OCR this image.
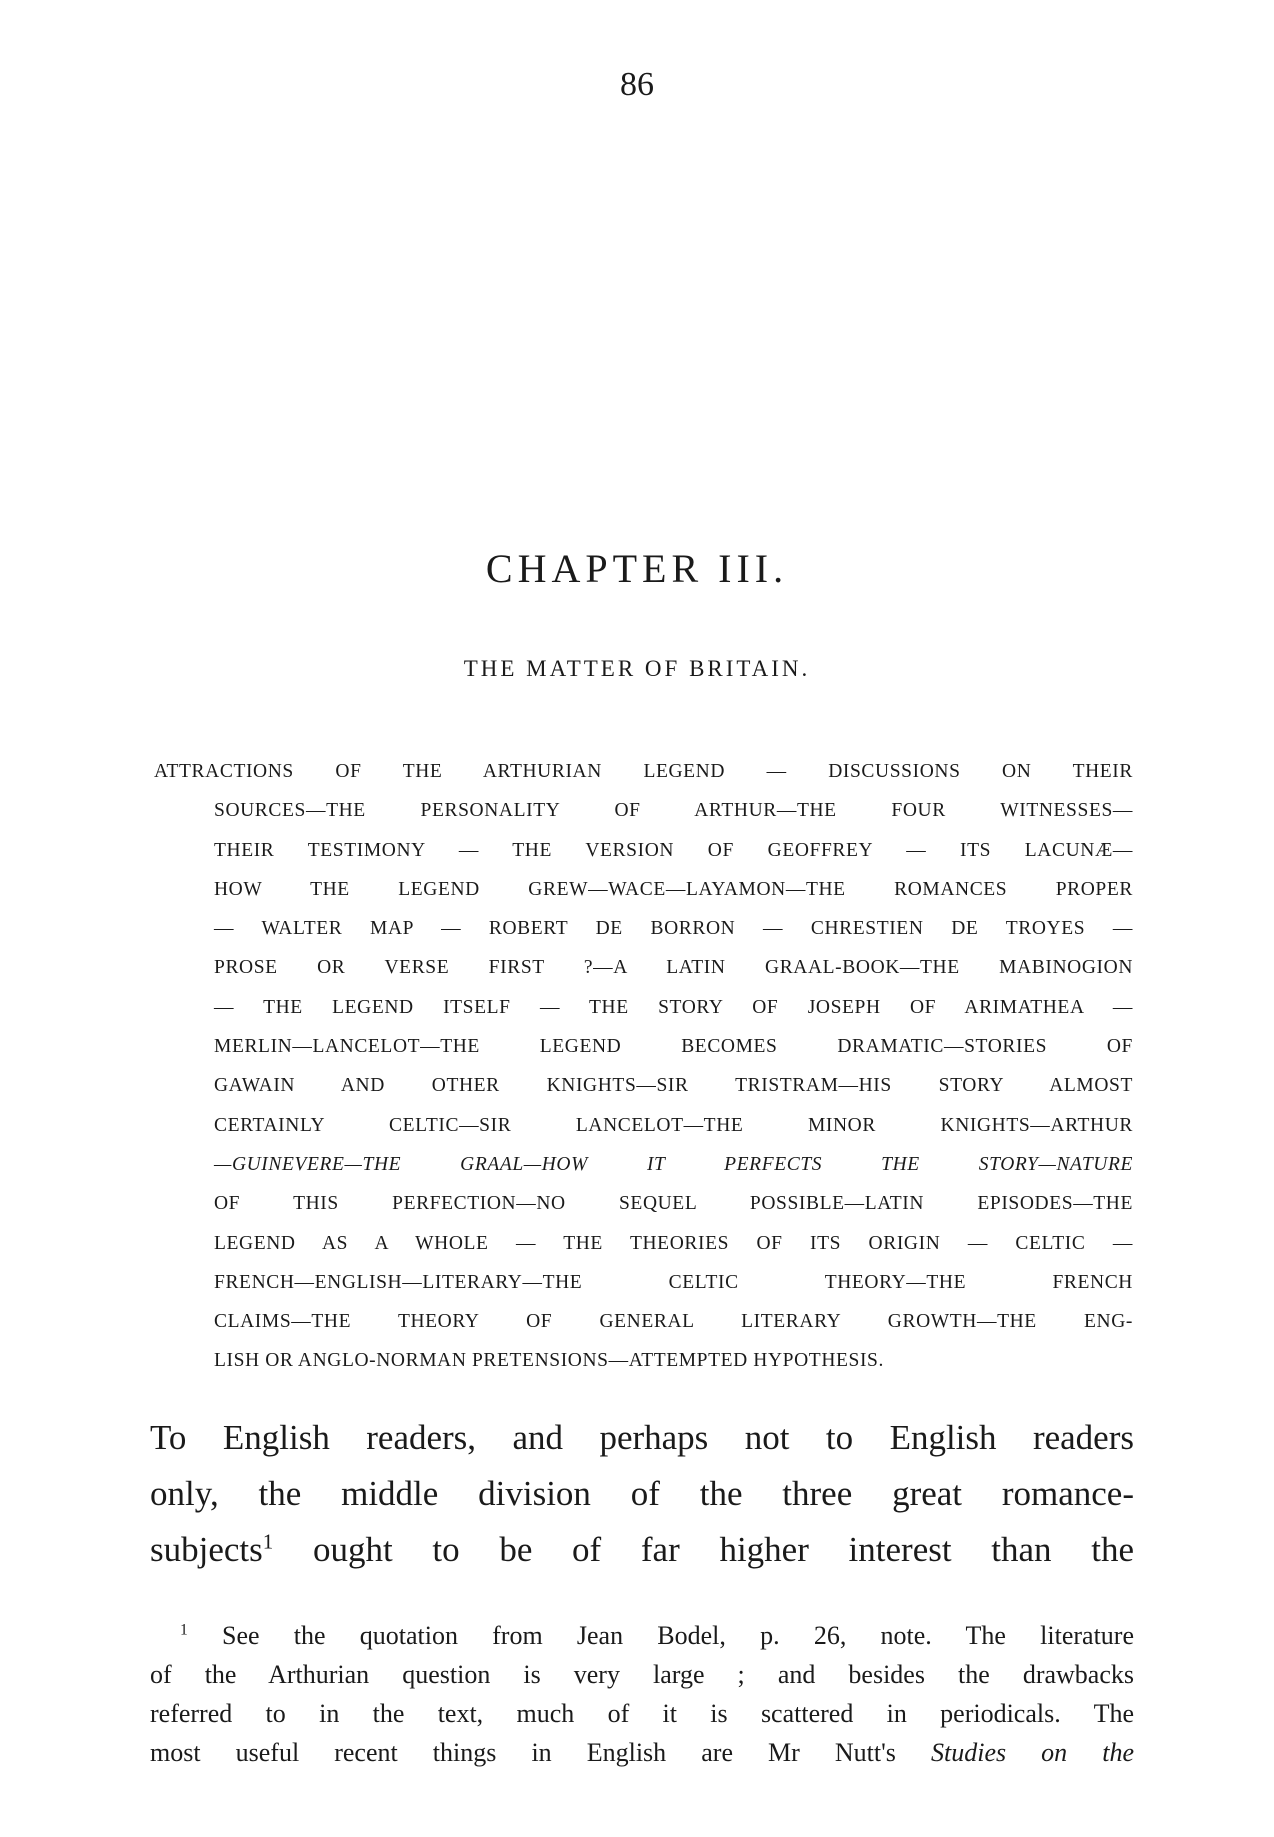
86
CHAPTER III.
THE MATTER OF BRITAIN.
ATTRACTIONS OF THE ARTHURIAN LEGEND — DISCUSSIONS ON THEIR
SOURCES—THE PERSONALITY OF ARTHUR—THE FOUR WITNESSES—
THEIR TESTIMONY — THE VERSION OF GEOFFREY — ITS LACUNÆ—
HOW THE LEGEND GREW—WACE—LAYAMON—THE ROMANCES PROPER
— WALTER MAP — ROBERT DE BORRON — CHRESTIEN DE TROYES —
PROSE OR VERSE FIRST ?—A LATIN GRAAL-BOOK—THE MABINOGION
— THE LEGEND ITSELF — THE STORY OF JOSEPH OF ARIMATHEA —
MERLIN—LANCELOT—THE LEGEND BECOMES DRAMATIC—STORIES OF
GAWAIN AND OTHER KNIGHTS—SIR TRISTRAM—HIS STORY ALMOST
CERTAINLY CELTIC—SIR LANCELOT—THE MINOR KNIGHTS—ARTHUR
—GUINEVERE—THE GRAAL—HOW IT PERFECTS THE STORY—NATURE
OF THIS PERFECTION—NO SEQUEL POSSIBLE—LATIN EPISODES—THE
LEGEND AS A WHOLE — THE THEORIES OF ITS ORIGIN — CELTIC —
FRENCH—ENGLISH—LITERARY—THE CELTIC THEORY—THE FRENCH
CLAIMS—THE THEORY OF GENERAL LITERARY GROWTH—THE ENG-
LISH OR ANGLO-NORMAN PRETENSIONS—ATTEMPTED HYPOTHESIS.
To English readers, and perhaps not to English readers
only, the middle division of the three great romance-
subjects$^1$ ought to be of far higher interest than the
$^1$ See the quotation from Jean Bodel, p. 26, note. The literature
of the Arthurian question is very large ; and besides the drawbacks
referred to in the text, much of it is scattered in periodicals. The
most useful recent things in English are Mr Nutt's Studies on the
